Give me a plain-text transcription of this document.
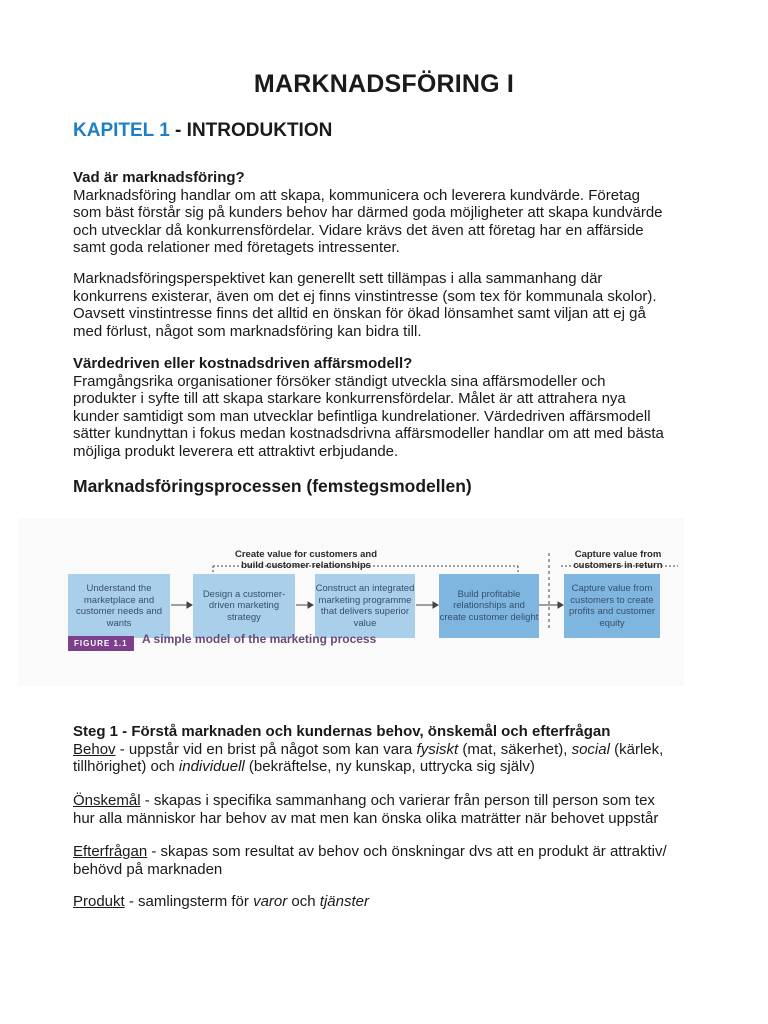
MARKNADSFÖRING I
KAPITEL 1 - INTRODUKTION
Vad är marknadsföring?
Marknadsföring handlar om att skapa, kommunicera och leverera kundvärde. Företag
som bäst förstår sig på kunders behov har därmed goda möjligheter att skapa kundvärde
och utvecklar då konkurrensfördelar. Vidare krävs det även att företag har en affärside
samt goda relationer med företagets intressenter.
Marknadsföringsperspektivet kan generellt sett tillämpas i alla sammanhang där
konkurrens existerar, även om det ej finns vinstintresse (som tex för kommunala skolor).
Oavsett vinstintresse finns det alltid en önskan för ökad lönsamhet samt viljan att ej gå
med förlust, något som marknadsföring kan bidra till.
Värdedriven eller kostnadsdriven affärsmodell?
Framgångsrika organisationer försöker ständigt utveckla sina affärsmodeller och
produkter i syfte till att skapa starkare konkurrensfördelar. Målet är att attrahera nya
kunder samtidigt som man utvecklar befintliga kundrelationer. Värdedriven affärsmodell
sätter kundnyttan i fokus medan kostnadsdrivna affärsmodeller handlar om att med bästa
möjliga produkt leverera ett attraktivt erbjudande.
Marknadsföringsprocessen (femstegsmodellen)
Create value for customers and
build customer relationships
Capture value from
customers in return
Understand the marketplace and customer needs and wants
Design a customer-driven marketing strategy
Construct an integrated marketing programme that delivers superior value
Build profitable relationships and create customer delight
Capture value from customers to create profits and customer equity
FIGURE 1.1	A simple model of the marketing process
Steg 1 - Förstå marknaden och kundernas behov, önskemål och efterfrågan
Behov - uppstår vid en brist på något som kan vara fysiskt (mat, säkerhet), social (kärlek,
tillhörighet) och individuell (bekräftelse, ny kunskap, uttrycka sig själv)
Önskemål - skapas i specifika sammanhang och varierar från person till person som tex
hur alla människor har behov av mat men kan önska olika maträtter när behovet uppstår
Efterfrågan - skapas som resultat av behov och önskningar dvs att en produkt är attraktiv/
behövd på marknaden
Produkt - samlingsterm för varor och tjänster
